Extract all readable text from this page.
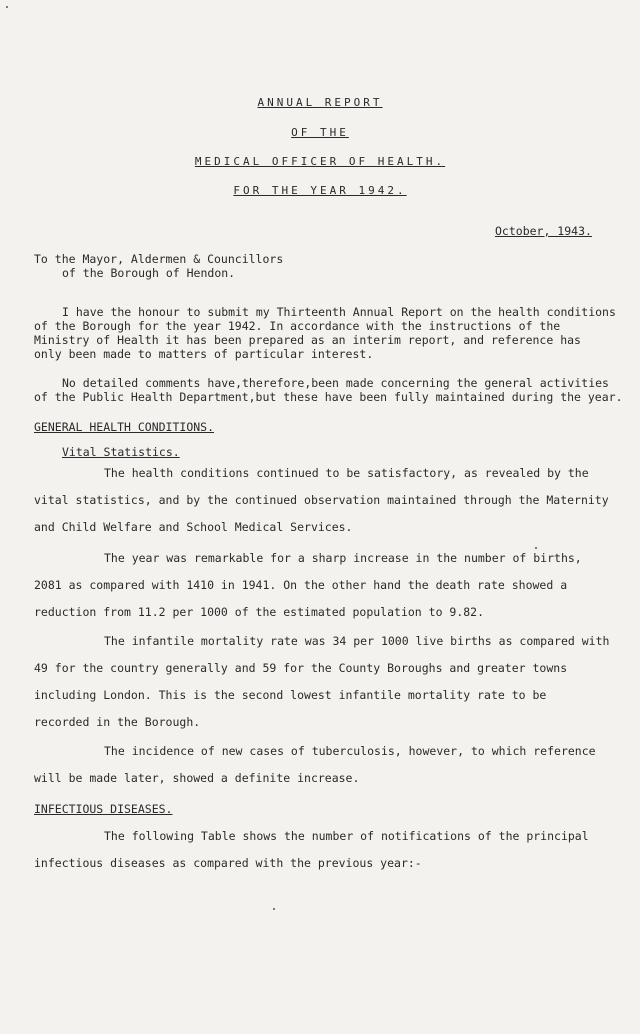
ANNUAL REPORT
OF THE
MEDICAL OFFICER OF HEALTH.
FOR THE YEAR 1942.
October, 1943.
To the Mayor, Aldermen & Councillors
of the Borough of Hendon.
I have the honour to submit my Thirteenth Annual Report on the health conditions
of the Borough for the year 1942. In accordance with the instructions of the
Ministry of Health it has been prepared as an interim report, and reference has
only been made to matters of particular interest.
No detailed comments have,therefore,been made concerning the general activities
of the Public Health Department,but these have been fully maintained during the year.
GENERAL HEALTH CONDITIONS.
Vital Statistics.
The health conditions continued to be satisfactory, as revealed by the
vital statistics, and by the continued observation maintained through the Maternity
and Child Welfare and School Medical Services.
The year was remarkable for a sharp increase in the number of births,
2081 as compared with 1410 in 1941. On the other hand the death rate showed a
reduction from 11.2 per 1000 of the estimated population to 9.82.
The infantile mortality rate was 34 per 1000 live births as compared with
49 for the country generally and 59 for the County Boroughs and greater towns
including London. This is the second lowest infantile mortality rate to be
recorded in the Borough.
The incidence of new cases of tuberculosis, however, to which reference
will be made later, showed a definite increase.
INFECTIOUS DISEASES.
The following Table shows the number of notifications of the principal
infectious diseases as compared with the previous year:-
